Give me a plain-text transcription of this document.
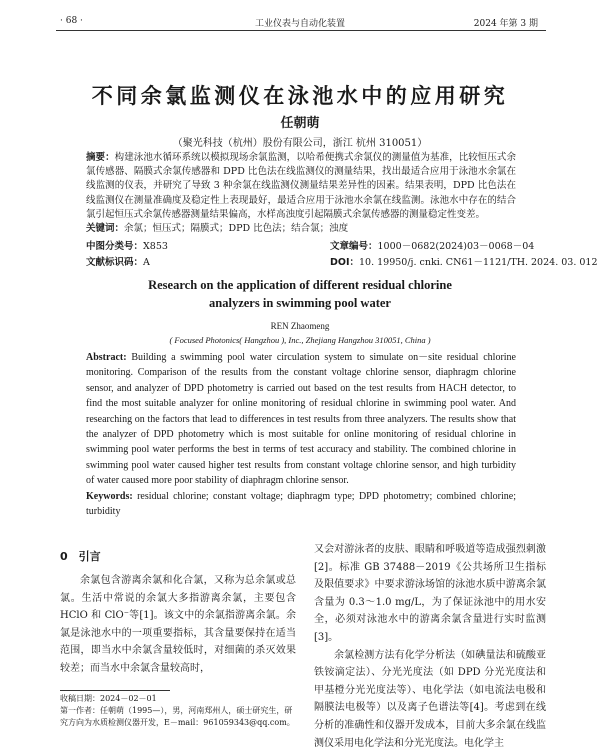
· 68 ·	工业仪表与自动化装置	2024 年第 3 期
不同余氯监测仪在泳池水中的应用研究
任朝萌
（聚光科技（杭州）股份有限公司，浙江 杭州 310051）
摘要：构建泳池水循环系统以模拟现场余氯监测，以哈希便携式余氯仪的测量值为基准，比较恒压式余氯传感器、隔膜式余氯传感器和 DPD 比色法在线监测仪的测量结果，找出最适合应用于泳池水余氯在线监测的仪表，并研究了导致 3 种余氯在线监测仪测量结果差异性的因素。结果表明，DPD 比色法在线监测仪在测量准确度及稳定性上表现最好，最适合应用于泳池水余氯在线监测。泳池水中存在的结合氯引起恒压式余氯传感器测量结果偏高，水样高浊度引起隔膜式余氯传感器的测量稳定性变差。
关键词：余氯；恒压式；隔膜式；DPD 比色法；结合氯；浊度
中图分类号：X853
文献标识码：A
文章编号：1000－0682(2024)03－0068－04
DOI：10. 19950/j. cnki. CN61－1121/TH. 2024. 03. 012
Research on the application of different residual chlorine
analyzers in swimming pool water
REN Zhaomeng
( Focused Photonics( Hangzhou ), Inc., Zhejiang Hangzhou 310051, China )
Abstract: Building a swimming pool water circulation system to simulate on－site residual chlorine monitoring. Comparison of the results from the constant voltage chlorine sensor, diaphragm chlorine sensor, and analyzer of DPD photometry is carried out based on the test results from HACH detector, to find the most suitable analyzer for online monitoring of residual chlorine in swimming pool water. And researching on the factors that lead to differences in test results from three analyzers. The results show that the analyzer of DPD photometry which is most suitable for online monitoring of residual chlorine in swimming pool water performs the best in terms of test accuracy and stability. The combined chlorine in swimming pool water caused higher test results from constant voltage chlorine sensor, and high turbidity of water caused more poor stability of diaphragm chlorine sensor.
Keywords: residual chlorine; constant voltage; diaphragm type; DPD photometry; combined chlorine; turbidity
0　引言

余氯包含游离余氯和化合氯，又称为总余氯或总氯。生活中常说的余氯大多指游离余氯，主要包含 HClO 和 ClO⁻等[1]。该文中的余氯指游离余氯。余氯是泳池水中的一项重要指标，其含量要保持在适当范围，即当水中余氯含量较低时，对细菌的杀灭效果较差；而当水中余氯含量较高时，

又会对游泳者的皮肤、眼睛和呼吸道等造成强烈刺激[2]。标准 GB 37488－2019《公共场所卫生指标及限值要求》中要求游泳场馆的泳池水质中游离余氯含量为 0.3～1.0 mg/L，为了保证泳池中的用水安全，必须对泳池水中的游离余氯含量进行实时监测[3]。

余氯检测方法有化学分析法（如碘量法和硫酸亚铁铵滴定法）、分光光度法（如 DPD 分光光度法和甲基橙分光光度法等）、电化学法（如电流法电极和隔膜法电极等）以及离子色谱法等[4]。考虑到在线分析的准确性和仪器开发成本，目前大多余氯在线监测仪采用电化学法和分光光度法。电化学主

收稿日期：2024－02－01
第一作者：任朝萌（1995—），男，河南郑州人，硕士研究生，研究方向为水质检测仪器开发，E－mail：961059343@qq.com。
